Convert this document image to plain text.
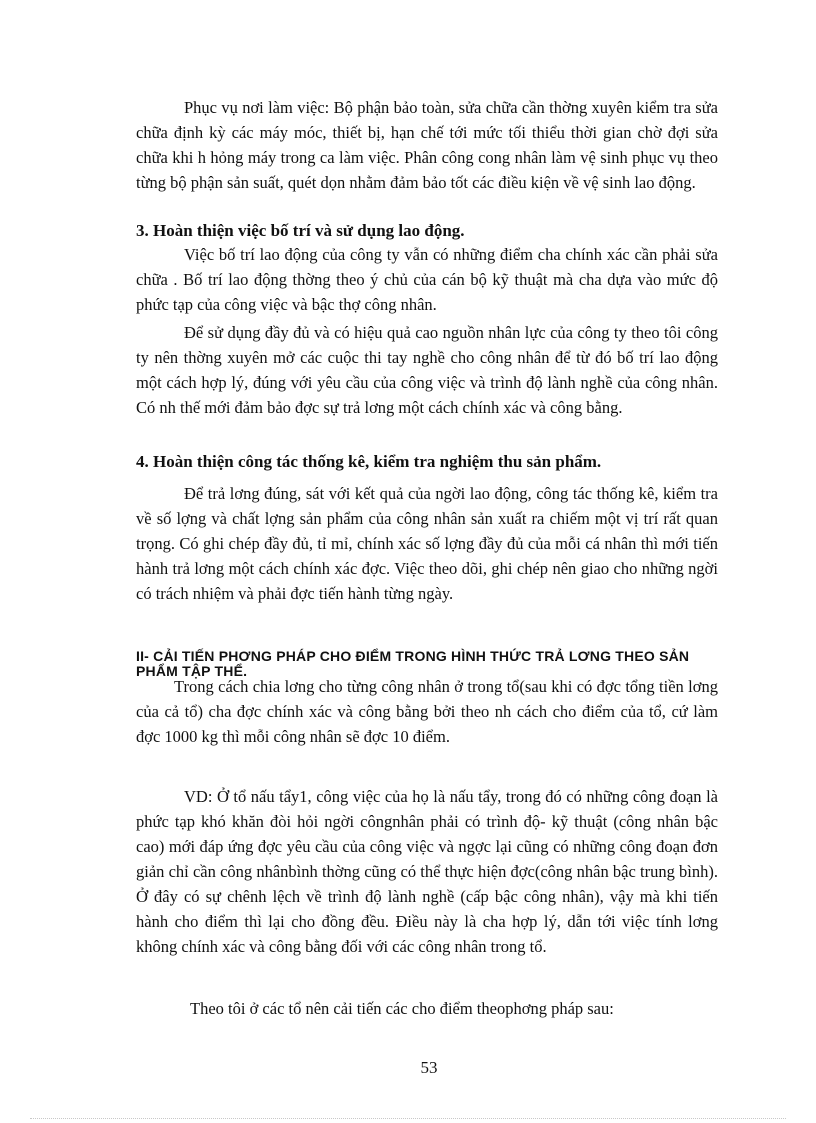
Phục vụ nơi làm việc: Bộ phận bảo toàn, sửa chữa cần thờng xuyên kiểm tra sửa chữa định kỳ các máy móc, thiết bị, hạn chế tới mức tối thiểu thời gian chờ đợi sửa chữa khi h hỏng máy trong ca làm việc. Phân công cong nhân làm vệ sinh phục vụ theo từng bộ phận sản suất, quét dọn nhằm đảm bảo tốt các điều kiện về vệ sinh lao động.

3. Hoàn thiện việc bố trí và sử dụng lao động.

Việc bố trí lao động của công ty vẫn có những điểm cha chính xác cần phải sửa chữa . Bố trí lao động thờng theo ý chủ của cán bộ kỹ thuật mà cha dựa vào mức độ phức tạp của công việc và bậc thợ công nhân.

Để sử dụng đầy đủ và có hiệu quả cao nguồn nhân lực của công ty theo tôi công ty nên thờng xuyên mở các cuộc thi tay nghề cho công nhân để từ đó bố trí lao động một cách hợp lý, đúng với yêu cầu của công việc và trình độ lành nghề của công nhân. Có nh thế mới đảm bảo đợc sự trả lơng một cách chính xác và công bằng.

4. Hoàn thiện công tác thống kê, kiểm tra nghiệm thu sản phẩm.

Để trả lơng đúng, sát với kết quả của ngời lao động, công tác thống kê, kiểm tra về số lợng và chất lợng sản phẩm của công nhân sản xuất ra chiếm một vị trí rất quan trọng. Có ghi chép đầy đủ, tỉ mỉ, chính xác số lợng đầy đủ của mỗi cá nhân thì mới tiến hành trả lơng một cách chính xác đợc. Việc theo dõi, ghi chép nên giao cho những ngời có trách nhiệm và phải đợc tiến hành từng ngày.

II- CẢI TIẾN PHƠNG PHÁP CHO ĐIỂM TRONG HÌNH THỨC TRẢ LƠNG THEO SẢN PHẨM TẬP THỂ.

Trong cách chia lơng cho từng công nhân ở trong tổ(sau khi có đợc tổng tiền lơng của cả tổ) cha đợc chính xác và công bằng bởi theo nh cách cho điểm của tổ, cứ làm đợc 1000 kg thì mỗi công nhân sẽ đợc 10 điểm.

VD: Ở tổ nấu tẩy1, công việc của họ là nấu tẩy, trong đó có những công đoạn là phức tạp khó khăn đòi hỏi ngời côngnhân phải có trình độ- kỹ thuật (công nhân bậc cao) mới đáp ứng đợc yêu cầu của công việc và ngợc lại cũng có những công đoạn đơn giản chỉ cần công nhânbình thờng cũng có thể thực hiện đợc(công nhân bậc trung bình). Ở đây có sự chênh lệch về trình độ lành nghề (cấp bậc công nhân), vậy mà khi tiến hành cho điểm thì lại cho đồng đều. Điều này là cha hợp lý, dẫn tới việc tính lơng không chính xác và công bằng đối với các công nhân trong tổ.

Theo tôi ở các tổ nên cải tiến các cho điểm theophơng pháp sau:

53
